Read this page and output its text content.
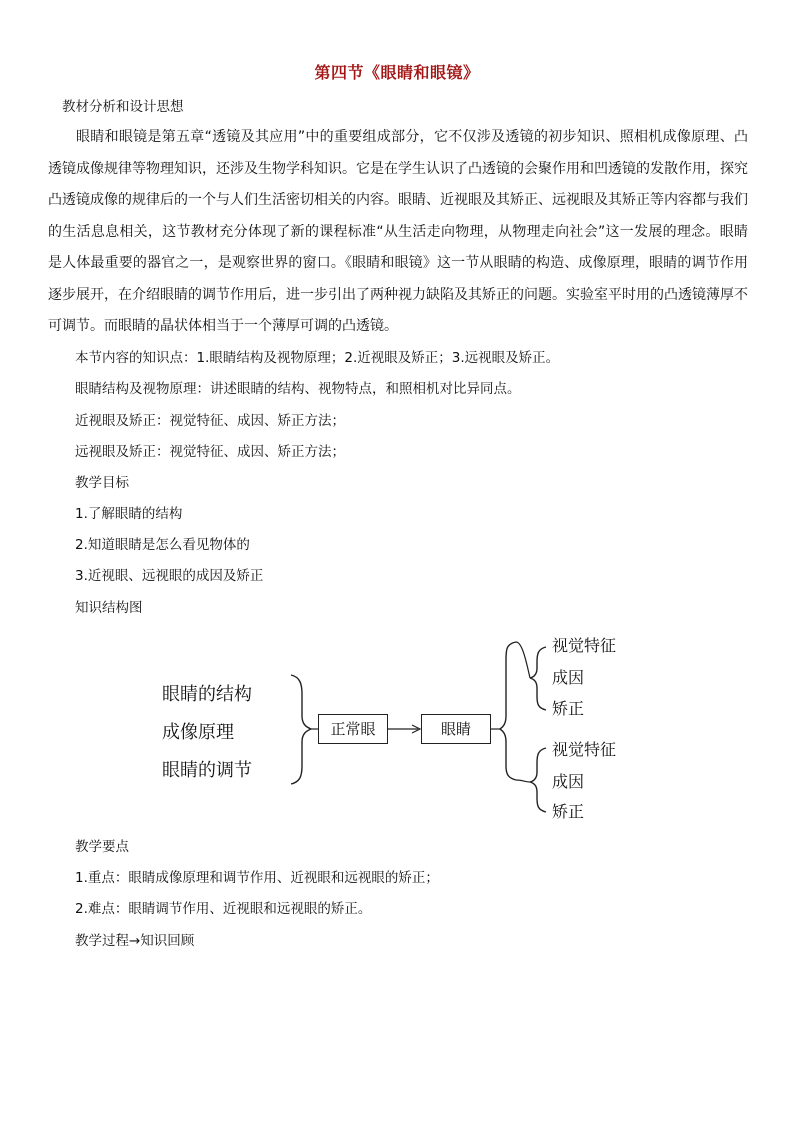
第四节《眼睛和眼镜》
教材分析和设计思想
眼睛和眼镜是第五章“透镜及其应用”中的重要组成部分，它不仅涉及透镜的初步知识、照相机成像原理、凸透镜成像规律等物理知识，还涉及生物学科知识。它是在学生认识了凸透镜的会聚作用和凹透镜的发散作用，探究凸透镜成像的规律后的一个与人们生活密切相关的内容。眼睛、近视眼及其矫正、远视眼及其矫正等内容都与我们的生活息息相关，这节教材充分体现了新的课程标准“从生活走向物理，从物理走向社会”这一发展的理念。眼睛是人体最重要的器官之一，是观察世界的窗口。《眼睛和眼镜》这一节从眼睛的构造、成像原理，眼睛的调节作用逐步展开，在介绍眼睛的调节作用后，进一步引出了两种视力缺陷及其矫正的问题。实验室平时用的凸透镜薄厚不可调节。而眼睛的晶状体相当于一个薄厚可调的凸透镜。
本节内容的知识点：1.眼睛结构及视物原理；2.近视眼及矫正；3.远视眼及矫正。
眼睛结构及视物原理：讲述眼睛的结构、视物特点，和照相机对比异同点。
近视眼及矫正：视觉特征、成因、矫正方法；
远视眼及矫正：视觉特征、成因、矫正方法；
教学目标
1.了解眼睛的结构
2.知道眼睛是怎么看见物体的
3.近视眼、远视眼的成因及矫正
知识结构图
眼睛的结构
成像原理
眼睛的调节
正常眼	眼睛
视觉特征
成因
矫正
视觉特征
成因
矫正
教学要点
1.重点：眼睛成像原理和调节作用、近视眼和远视眼的矫正；
2.难点：眼睛调节作用、近视眼和远视眼的矫正。
教学过程→知识回顾
